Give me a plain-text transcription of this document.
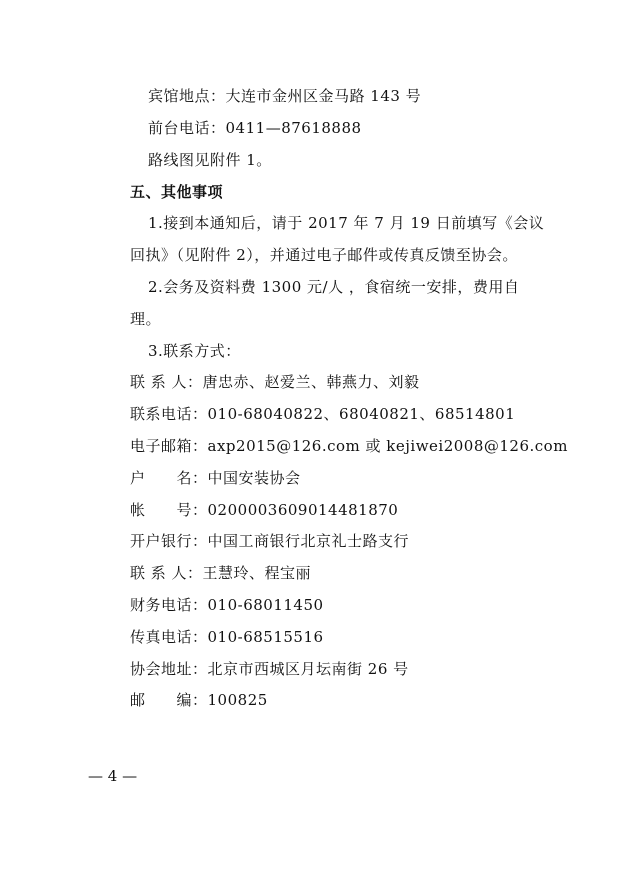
宾馆地点：大连市金州区金马路 143 号
前台电话：0411—87618888
路线图见附件 1。
五、其他事项
1.接到本通知后，请于 2017 年 7 月 19 日前填写《会议
回执》（见附件 2），并通过电子邮件或传真反馈至协会。
2.会务及资料费 1300 元/人 ，食宿统一安排，费用自
理。
3.联系方式：
联 系 人：唐忠赤、赵爱兰、韩燕力、刘毅
联系电话：010-68040822、68040821、68514801
电子邮箱：axp2015@126.com 或 kejiwei2008@126.com
户　　名：中国安装协会
帐　　号：0200003609014481870
开户银行：中国工商银行北京礼士路支行
联 系 人：王慧玲、程宝丽
财务电话：010-68011450
传真电话：010-68515516
协会地址：北京市西城区月坛南街 26 号
邮　　编：100825
— 4 —
